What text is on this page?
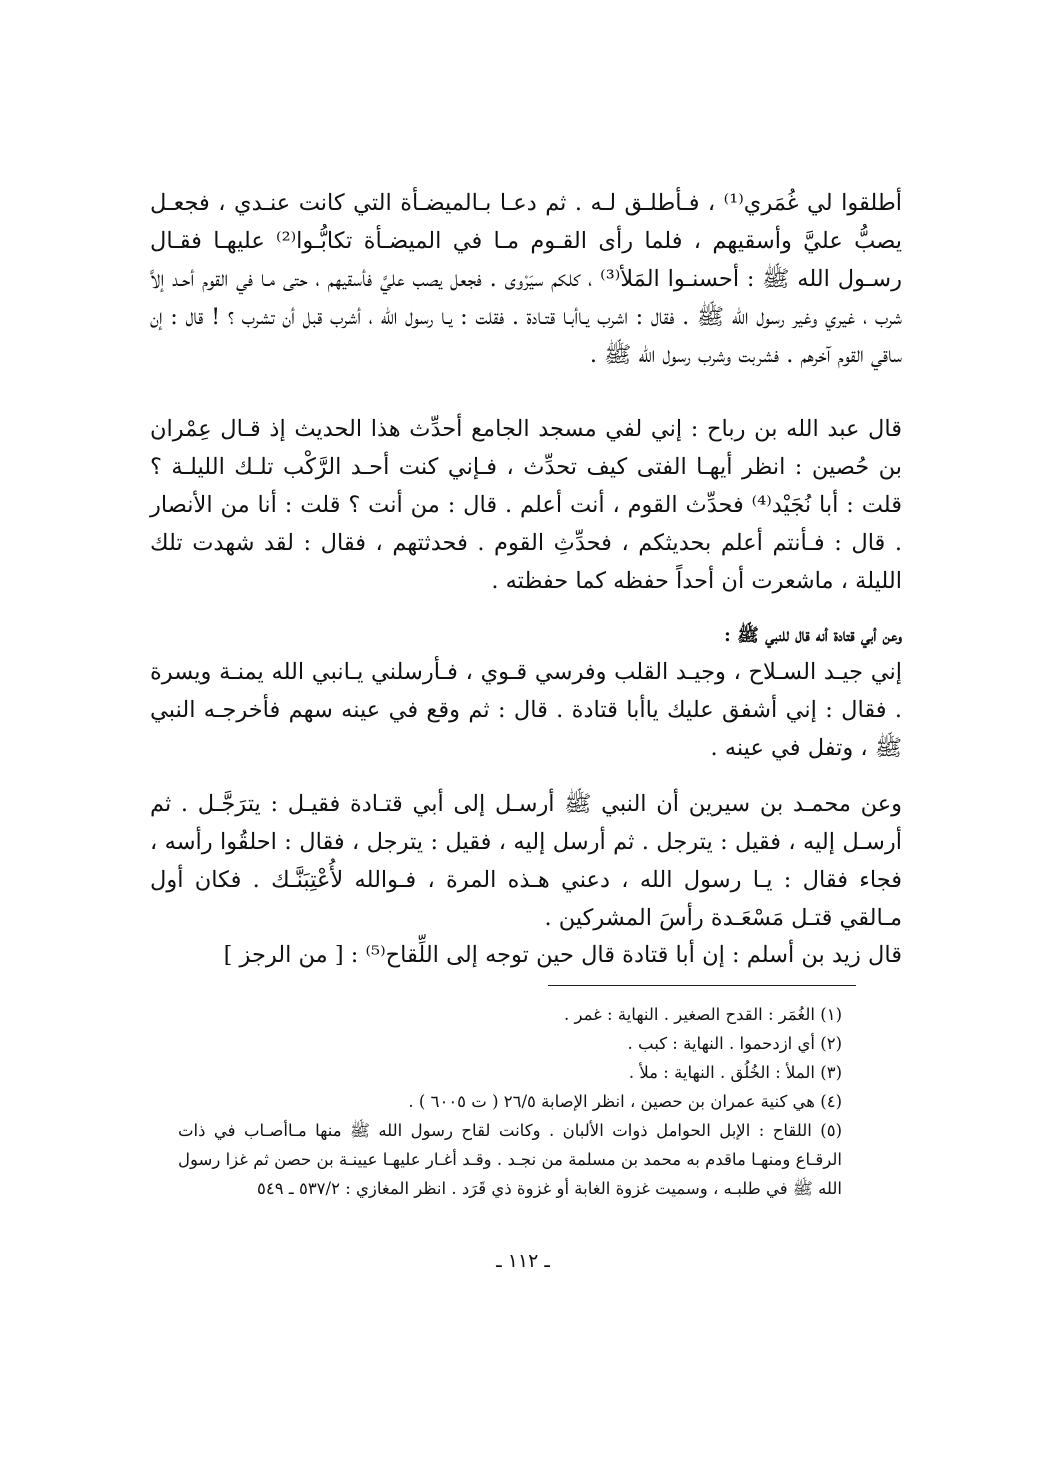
أطلقوا لي غُمَري⁽¹⁾ ، فـأطلـق لـه . ثم دعـا بـالميضـأة التي كانت عنـدي ، فجعـل يصبُّ عليَّ وأسقيهم ، فلما رأى القـوم مـا في الميضـأة تكابُّـوا⁽²⁾ عليهـا فقـال رسـول الله ﷺ : أحسنـوا المَلأ⁽³⁾ ، كلكم سيَرْوى . فجعل يصب عليَّ فأسقيهم ، حتى مـا في القوم أحـد إلاَّ شرب ، غيري وغير رسول الله ﷺ . فقال : اشرب يـاأبـا قتـادة . فقلت : يـا رسول الله ، أشرب قبل أن تشرب ؟ ! قال : إن ساقي القوم آخرهم . فشربت وشرب رسول الله ﷺ .

قال عبد الله بن رباح : إني لفي مسجد الجامع أحدِّث هذا الحديث إذ قـال عِمْران بن حُصين : انظر أيهـا الفتى كيف تحدِّث ، فـإني كنت أحـد الرَّكْب تلـك الليلـة ؟ قلت : أبا نُجَيْد⁽⁴⁾ فحدِّث القوم ، أنت أعلم . قال : من أنت ؟ قلت : أنا من الأنصار . قال : فـأنتم أعلم بحديثكم ، فحدِّثِ القوم . فحدثتهم ، فقال : لقد شهدت تلك الليلة ، ماشعرت أن أحداً حفظه كما حفظته .

وعن أبي قتادة أنه قال للنبي ﷺ :

إني جيـد السـلاح ، وجيـد القلب وفرسي قـوي ، فـأرسلني يـانبي الله يمنـة ويسرة . فقال : إني أشفق عليك ياأبا قتادة . قال : ثم وقع في عينه سهم فأخرجـه النبي ﷺ ، وتفل في عينه .

وعن محمـد بن سيرين أن النبي ﷺ أرسـل إلى أبي قتـادة فقيـل : يترَجَّـل . ثم أرسـل إليه ، فقيل : يترجل . ثم أرسل إليه ، فقيل : يترجل ، فقال : احلقُوا رأسه ، فجاء فقال : يـا رسول الله ، دعني هـذه المرة ، فـوالله لأُعْتِبَنَّـك . فكان أول مـالقي قتـل مَسْعَـدة رأسَ المشركين .

قال زيد بن أسلم : إن أبا قتادة قال حين توجه إلى اللِّقاح⁽⁵⁾ : [ من الرجز ]

(١) الغُمَر : القدح الصغير . النهاية : غمر .

(٢) أي ازدحموا . النهاية : كبب .

(٣) الملأ : الخُلُق . النهاية : ملأ .

(٤) هي كنية عمران بن حصين ، انظر الإصابة ٢٦/٥ ( ت ٦٠٠٥ ) .

(٥) اللقاح : الإبل الحوامل ذوات الألبان . وكانت لقاح رسول الله ﷺ منها مـاأصـاب في ذات الرقـاع ومنهـا ماقدم به محمد بن مسلمة من نجـد . وقـد أغـار عليهـا عيينـة بن حصن ثم غزا رسول الله ﷺ في طلبـه ، وسميت غزوة الغابة أو غزوة ذي قَرَد . انظر المغازي : ٥٣٧/٢ ـ ٥٤٩

ـ ١١٢ ـ
